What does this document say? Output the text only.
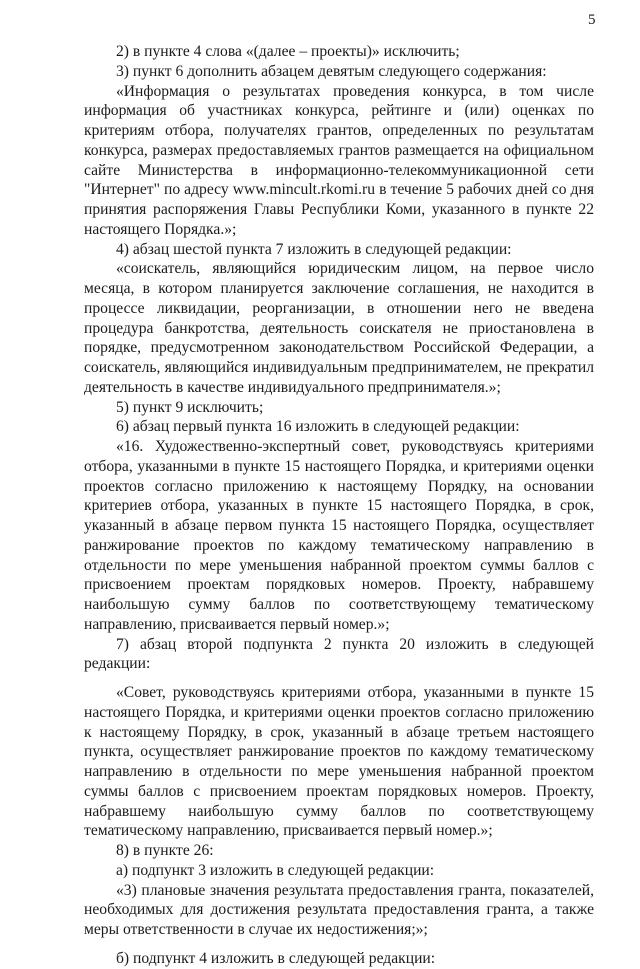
5

2) в пункте 4 слова «(далее – проекты)» исключить;

3) пункт 6 дополнить абзацем девятым следующего содержания:

«Информация о результатах проведения конкурса, в том числе информация об участниках конкурса, рейтинге и (или) оценках по критериям отбора, получателях грантов, определенных по результатам конкурса, размерах предоставляемых грантов размещается на официальном сайте Министерства в информационно-телекоммуникационной сети "Интернет" по адресу www.mincult.rkomi.ru в течение 5 рабочих дней со дня принятия распоряжения Главы Республики Коми, указанного в пункте 22 настоящего Порядка.»;

4) абзац шестой пункта 7 изложить в следующей редакции:

«соискатель, являющийся юридическим лицом, на первое число месяца, в котором планируется заключение соглашения, не находится в процессе ликвидации, реорганизации, в отношении него не введена процедура банкротства, деятельность соискателя не приостановлена в порядке, предусмотренном законодательством Российской Федерации, а соискатель, являющийся индивидуальным предпринимателем, не прекратил деятельность в качестве индивидуального предпринимателя.»;

5) пункт 9 исключить;

6) абзац первый пункта 16 изложить в следующей редакции:

«16. Художественно-экспертный совет, руководствуясь критериями отбора, указанными в пункте 15 настоящего Порядка, и критериями оценки проектов согласно приложению к настоящему Порядку, на основании критериев отбора, указанных в пункте 15 настоящего Порядка, в срок, указанный в абзаце первом пункта 15 настоящего Порядка, осуществляет ранжирование проектов по каждому тематическому направлению в отдельности по мере уменьшения набранной проектом суммы баллов с присвоением проектам порядковых номеров. Проекту, набравшему наибольшую сумму баллов по соответствующему тематическому направлению, присваивается первый номер.»;

7) абзац второй подпункта 2 пункта 20 изложить в следующей редакции:

«Совет, руководствуясь критериями отбора, указанными в пункте 15 настоящего Порядка, и критериями оценки проектов согласно приложению к настоящему Порядку, в срок, указанный в абзаце третьем настоящего пункта, осуществляет ранжирование проектов по каждому тематическому направлению в отдельности по мере уменьшения набранной проектом суммы баллов с присвоением проектам порядковых номеров. Проекту, набравшему наибольшую сумму баллов по соответствующему тематическому направлению, присваивается первый номер.»;

8) в пункте 26:

а) подпункт 3 изложить в следующей редакции:

«3) плановые значения результата предоставления гранта, показателей, необходимых для достижения результата предоставления гранта, а также меры ответственности в случае их недостижения;»;

б) подпункт 4 изложить в следующей редакции:
